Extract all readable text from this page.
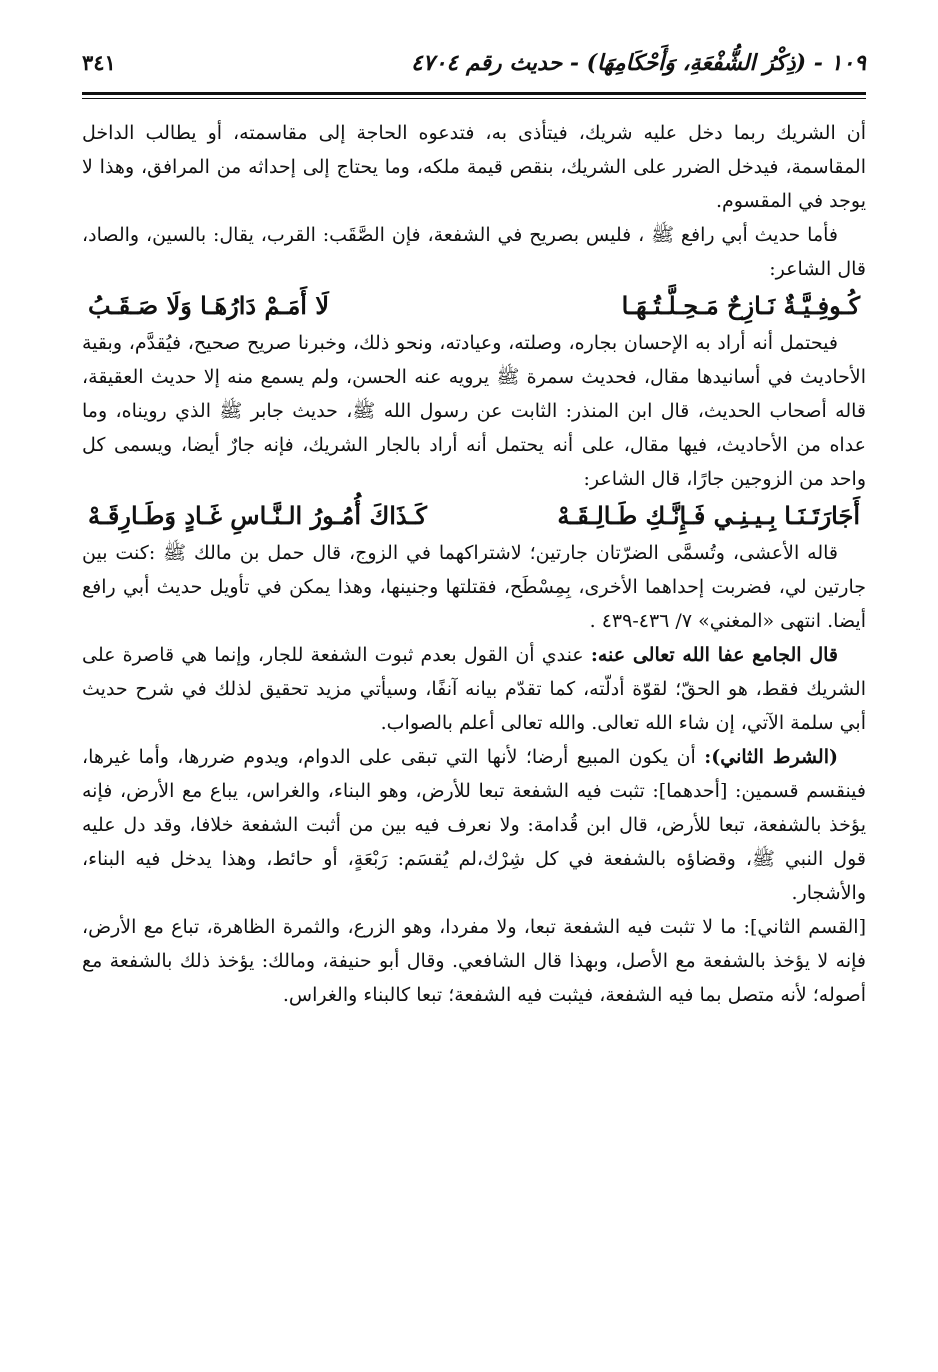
١٠٩ - (ذِكْرُ الشُّفْعَةِ، وَأَحْكَامِهَا) - حديث رقم ٤٧٠٤
٣٤١

أن الشريك ربما دخل عليه شريك، فيتأذى به، فتدعوه الحاجة إلى مقاسمته، أو يطالب الداخل المقاسمة، فيدخل الضرر على الشريك، بنقص قيمة ملكه، وما يحتاج إلى إحداثه من المرافق، وهذا لا يوجد في المقسوم.

فأما حديث أبي رافع ﷺ ، فليس بصريح في الشفعة، فإن الصَّقَب: القرب، يقال: بالسين، والصاد، قال الشاعر:

كُـوفِـيَّـةٌ نَـازِحٌ مَـحِـلَّـتُـهَـا
لَا أَمَـمْ دَارُهَـا وَلَا صَـقَـبُ

فيحتمل أنه أراد به الإحسان بجاره، وصلته، وعيادته، ونحو ذلك، وخبرنا صريح صحيح، فيُقدَّم، وبقية الأحاديث في أسانيدها مقال، فحديث سمرة ﷺ يرويه عنه الحسن، ولم يسمع منه إلا حديث العقيقة، قاله أصحاب الحديث، قال ابن المنذر: الثابت عن رسول الله ﷺ، حديث جابر ﷺ الذي رويناه، وما عداه من الأحاديث، فيها مقال، على أنه يحتمل أنه أراد بالجار الشريك، فإنه جارٌ أيضا، ويسمى كل واحد من الزوجين جارًا، قال الشاعر:

أَجَارَتَـنَـا بِـيـنِـي فَـإِنَّـكِ طَـالِـقَـهْ
كَـذَاكَ أُمُـورُ الـنَّـاسِ غَـادٍ وَطَـارِقَـهْ

قاله الأعشى، وتُسمَّى الضرّتان جارتين؛ لاشتراكهما في الزوج، قال حمل بن مالك ﷺ :كنت بين جارتين لي، فضربت إحداهما الأخرى، بِمِسْطَح، فقتلتها وجنينها، وهذا يمكن في تأويل حديث أبي رافع أيضا. انتهى «المغني» ٧/ ٤٣٦-٤٣٩ .

قال الجامع عفا الله تعالى عنه: عندي أن القول بعدم ثبوت الشفعة للجار، وإنما هي قاصرة على الشريك فقط، هو الحقّ؛ لقوّة أدلّته، كما تقدّم بيانه آنفًا، وسيأتي مزيد تحقيق لذلك في شرح حديث أبي سلمة الآتي، إن شاء الله تعالى. والله تعالى أعلم بالصواب.

(الشرط الثاني): أن يكون المبيع أرضا؛ لأنها التي تبقى على الدوام، ويدوم ضررها، وأما غيرها، فينقسم قسمين: [أحدهما]: تثبت فيه الشفعة تبعا للأرض، وهو البناء، والغراس، يباع مع الأرض، فإنه يؤخذ بالشفعة، تبعا للأرض، قال ابن قُدامة: ولا نعرف فيه بين من أثبت الشفعة خلافا، وقد دل عليه قول النبي ﷺ، وقضاؤه بالشفعة في كل شِرْك،لم يُقسَم: رَبْعَةٍ، أو حائط، وهذا يدخل فيه البناء، والأشجار.

[القسم الثاني]: ما لا تثبت فيه الشفعة تبعا، ولا مفردا، وهو الزرع، والثمرة الظاهرة، تباع مع الأرض، فإنه لا يؤخذ بالشفعة مع الأصل، وبهذا قال الشافعي. وقال أبو حنيفة، ومالك: يؤخذ ذلك بالشفعة مع أصوله؛ لأنه متصل بما فيه الشفعة، فيثبت فيه الشفعة؛ تبعا كالبناء والغراس.
